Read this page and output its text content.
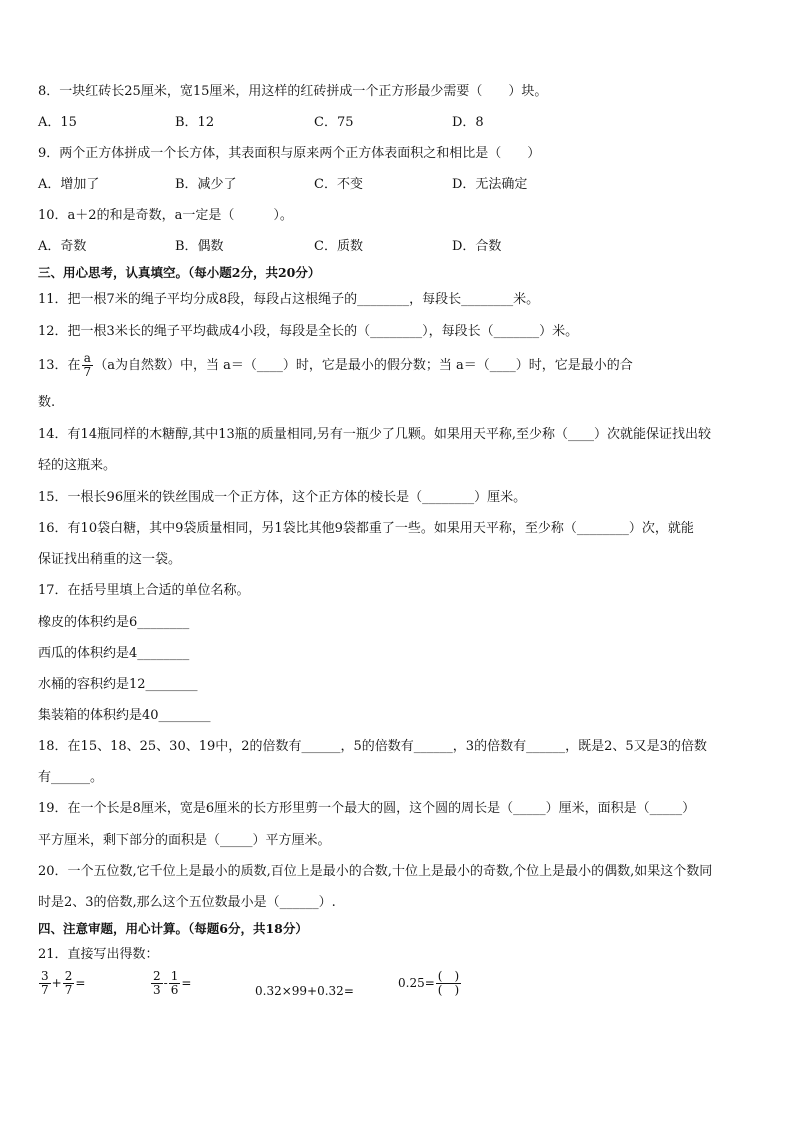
8．一块红砖长25厘米，宽15厘米，用这样的红砖拼成一个正方形最少需要（　　）块。
A．15	B．12	C．75	D．8
9．两个正方体拼成一个长方体，其表面积与原来两个正方体表面积之和相比是（　　）
A．增加了	B．减少了	C．不变	D．无法确定
10．a＋2的和是奇数，a一定是（　　　）。
A．奇数	B．偶数	C．质数	D．合数
三、用心思考，认真填空。（每小题2分，共20分）
11．把一根7米的绳子平均分成8段，每段占这根绳子的________，每段长________米。
12．把一根3米长的绳子平均截成4小段，每段是全长的（________），每段长（_______）米。
13．在 $\frac{a}{7} (a$为自然数）中，当 a＝（____）时，它是最小的假分数；当 a＝（____）时，它是最小的合
数.
14．有14瓶同样的木糖醇,其中13瓶的质量相同,另有一瓶少了几颗。如果用天平称,至少称（____）次就能保证找出较
轻的这瓶来。
15．一根长96厘米的铁丝围成一个正方体，这个正方体的棱长是（________）厘米。
16．有10袋白糖，其中9袋质量相同，另1袋比其他9袋都重了一些。如果用天平称，至少称（________）次，就能
保证找出稍重的这一袋。
17．在括号里填上合适的单位名称。
橡皮的体积约是6________
西瓜的体积约是4________
水桶的容积约是12________
集装箱的体积约是40________
18．在15、18、25、30、19中，2的倍数有______，5的倍数有______，3的倍数有______，既是2、5又是3的倍数
有______。
19．在一个长是8厘米，宽是6厘米的长方形里剪一个最大的圆，这个圆的周长是（_____）厘米，面积是（_____）
平方厘米，剩下部分的面积是（_____）平方厘米。
20．一个五位数,它千位上是最小的质数,百位上是最小的合数,十位上是最小的奇数,个位上是最小的偶数,如果这个数同
时是2、3的倍数,那么这个五位数最小是（______）.
四、注意审题，用心计算。（每题6分，共18分）
21．直接写出得数：
$\frac{3}{7} + \frac{2}{7}$ =	$\frac{2}{3} - \frac{1}{6}$ =
0.32×99+0.32=
$0.25= \frac{( )}{( )}$
